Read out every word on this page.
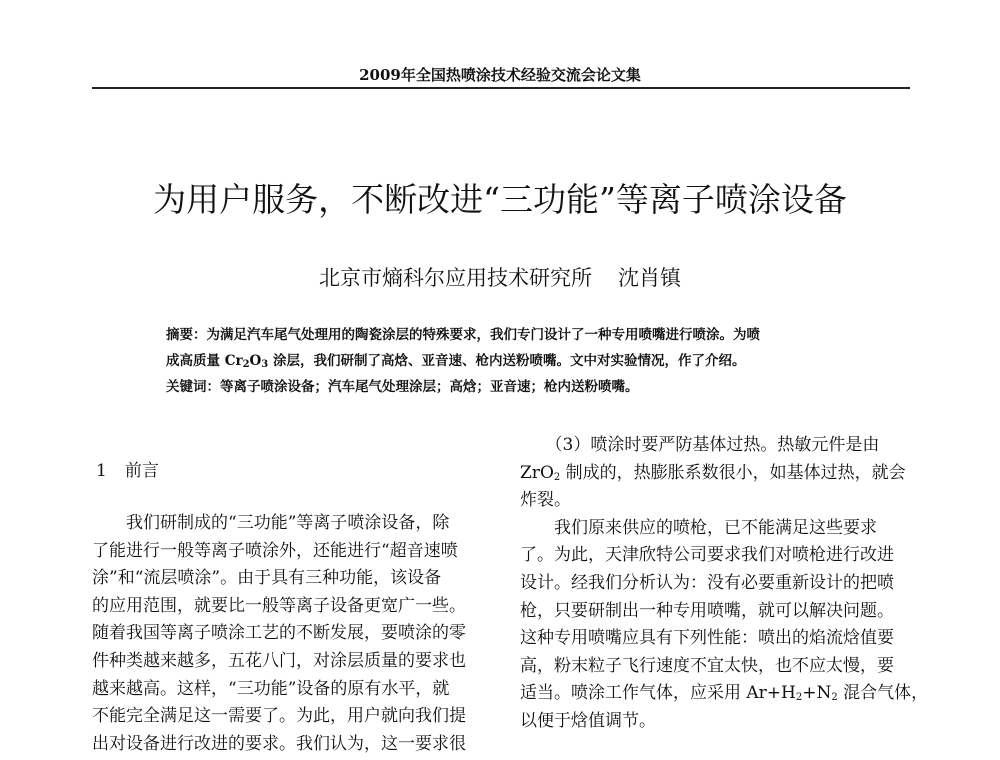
2009年全国热喷涂技术经验交流会论文集
为用户服务，不断改进“三功能”等离子喷涂设备
北京市熵科尔应用技术研究所 沈肖镇
摘要：为满足汽车尾气处理用的陶瓷涂层的特殊要求，我们专门设计了一种专用喷嘴进行喷涂。为喷
成高质量 $Cr_2O_3$ 涂层，我们研制了高焓、亚音速、枪内送粉喷嘴。文中对实验情况，作了介绍。
关键词：等离子喷涂设备；汽车尾气处理涂层；高焓；亚音速；枪内送粉喷嘴。
1 前言
　　我们研制成的“三功能”等离子喷涂设备，除
了能进行一般等离子喷涂外，还能进行“超音速喷
涂”和“流层喷涂”。由于具有三种功能，该设备
的应用范围，就要比一般等离子设备更宽广一些。
随着我国等离子喷涂工艺的不断发展，要喷涂的零
件种类越来越多，五花八门，对涂层质量的要求也
越来越高。这样，“三功能”设备的原有水平，就
不能完全满足这一需要了。为此，用户就向我们提
出对设备进行改进的要求。我们认为，这一要求很
　　（3）喷涂时要严防基体过热。热敏元件是由
ZrO$_2$ 制成的，热膨胀系数很小，如基体过热，就会
炸裂。
　　我们原来供应的喷枪，已不能满足这些要求
了。为此，天津欣特公司要求我们对喷枪进行改进
设计。经我们分析认为：没有必要重新设计的把喷
枪，只要研制出一种专用喷嘴，就可以解决问题。
这种专用喷嘴应具有下列性能：喷出的焰流焓值要
高，粉末粒子飞行速度不宜太快，也不应太慢，要
适当。喷涂工作气体，应采用 $Ar+H_2+N_2$ 混合气体，
以便于焓值调节。
